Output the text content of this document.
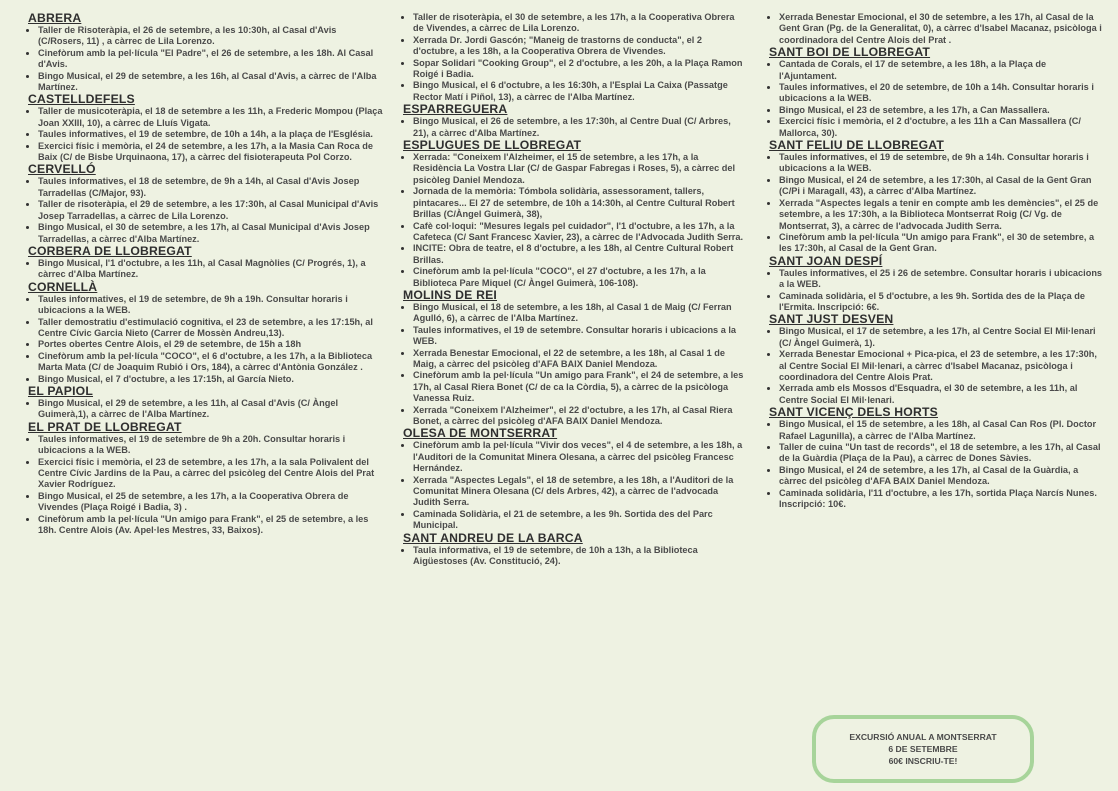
ABRERA
• Taller de Risoteràpia, el 26 de setembre, a les 10:30h, al Casal d'Avis (C/Rosers, 11) , a càrrec de Lila Lorenzo.
• Cinefòrum amb la pel·lícula "El Padre", el 26 de setembre, a les 18h. Al Casal d'Avis.
• Bingo Musical, el 29 de setembre, a les 16h, al Casal d'Avis, a càrrec de l'Alba Martínez.
CASTELLDEFELS
• Taller de musicoteràpia, el 18 de setembre a les 11h, a Frederic Mompou (Plaça Joan XXIII, 10), a càrrec de Lluís Vigata.
• Taules informatives, el 19 de setembre, de 10h a 14h, a la plaça de l'Església.
• Exercici físic i memòria, el 24 de setembre, a les 17h, a la Masia Can Roca de Baix (C/ de Bisbe Urquinaona, 17), a càrrec del fisioterapeuta Pol Corzo.
CERVELLÓ
• Taules informatives, el 18 de setembre, de 9h a 14h, al Casal d'Avis Josep Tarradellas (C/Major, 93).
• Taller de risoteràpia, el 29 de setembre, a les 17:30h, al Casal Municipal d'Avis Josep Tarradellas, a càrrec de Lila Lorenzo.
• Bingo Musical, el 30 de setembre, a les 17h, al Casal Municipal d'Avis Josep Tarradellas, a càrrec d'Alba Martínez.
CORBERA DE LLOBREGAT
• Bingo Musical, l'1 d'octubre, a les 11h, al Casal Magnòlies (C/ Progrés, 1), a càrrec d'Alba Martínez.
CORNELLÀ
• Taules informatives, el 19 de setembre, de 9h a 19h. Consultar horaris i ubicacions a la WEB.
• Taller demostratiu d'estimulació cognitiva, el 23 de setembre, a les 17:15h, al Centre Cívic Garcia Nieto (Carrer de Mossèn Andreu,13).
• Portes obertes Centre Alois, el 29 de setembre, de 15h a 18h
• Cinefòrum amb la pel·lícula "COCO", el 6 d'octubre, a les 17h, a la Biblioteca Marta Mata (C/ de Joaquim Rubió i Ors, 184), a càrrec d'Antònia González .
• Bingo Musical, el 7 d'octubre, a les 17:15h, al García Nieto.
EL PAPIOL
• Bingo Musical, el 29 de setembre, a les 11h, al Casal d'Avis (C/ Àngel Guimerà,1), a càrrec de l'Alba Martínez.
EL PRAT DE LLOBREGAT
• Taules informatives, el 19 de setembre de 9h a 20h. Consultar horaris i ubicacions a la WEB.
• Exercici físic i memòria, el 23 de setembre, a les 17h, a la sala Polivalent del Centre Cívic Jardins de la Pau, a càrrec del psicòleg del Centre Alois del Prat Xavier Rodríguez.
• Bingo Musical, el 25 de setembre, a les 17h, a la Cooperativa Obrera de Vivendes (Plaça Roigé i Badia, 3) .
• Cinefòrum amb la pel·lícula "Un amigo para Frank", el 25 de setembre, a les 18h. Centre Alois (Av. Apel·les Mestres, 33, Baixos).
• Taller de risoteràpia, el 30 de setembre, a les 17h, a la Cooperativa Obrera de Vivendes, a càrrec de Lila Lorenzo.
• Xerrada Dr. Jordi Gascón; "Maneig de trastorns de conducta", el 2 d'octubre, a les 18h, a la Cooperativa Obrera de Vivendes.
• Sopar Solidari "Cooking Group", el 2 d'octubre, a les 20h, a la Plaça Ramon Roigé i Badia.
• Bingo Musical, el 6 d'octubre, a les 16:30h, a l'Esplai La Caixa (Passatge Rector Matí i Piñol, 13), a càrrec de l'Alba Martínez.
ESPARREGUERA
• Bingo Musical, el 26 de setembre, a les 17:30h, al Centre Dual (C/ Arbres, 21), a càrrec d'Alba Martínez.
ESPLUGUES DE LLOBREGAT
• Xerrada: "Coneixem l'Alzheimer, el 15 de setembre, a les 17h, a la Residència La Vostra Llar (C/ de Gaspar Fabregas i Roses, 5), a càrrec del psicòleg Daniel Mendoza.
• Jornada de la memòria: Tómbola solidària, assessorament, tallers, pintacares... El 27 de setembre, de 10h a 14:30h, al Centre Cultural Robert Brillas (C/Àngel Guimerà, 38),
• Cafè col·loqui: "Mesures legals pel cuidador", l'1 d'octubre, a les 17h, a la Cafeteca (C/ Sant Francesc Xavier, 23), a càrrec de l'Advocada Judith Serra.
• INCITE: Obra de teatre, el 8 d'octubre, a les 18h, al Centre Cultural Robert Brillas.
• Cinefòrum amb la pel·lícula "COCO", el 27 d'octubre, a les 17h, a la Biblioteca Pare Miquel (C/ Àngel Guimerà, 106-108).
MOLINS DE REI
• Bingo Musical, el 18 de setembre, a les 18h, al Casal 1 de Maig (C/ Ferran Agulló, 6), a càrrec de l'Alba Martínez.
• Taules informatives, el 19 de setembre. Consultar horaris i ubicacions a la WEB.
• Xerrada Benestar Emocional, el 22 de setembre, a les 18h, al Casal 1 de Maig, a càrrec del psicòleg d'AFA BAIX Daniel Mendoza.
• Cinefòrum amb la pel·lícula "Un amigo para Frank", el 24 de setembre, a les 17h, al Casal Riera Bonet (C/ de ca la Còrdia, 5), a càrrec de la psicòloga Vanessa Ruiz.
• Xerrada "Coneixem l'Alzheimer", el 22 d'octubre, a les 17h, al Casal Riera Bonet, a càrrec del psicòleg d'AFA BAIX Daniel Mendoza.
OLESA DE MONTSERRAT
• Cinefòrum amb la pel·lícula "Vivir dos veces", el 4 de setembre, a les 18h, a l'Auditori de la Comunitat Minera Olesana, a càrrec del psicòleg Francesc Hernández.
• Xerrada "Aspectes Legals", el 18 de setembre, a les 18h, a l'Auditori de la Comunitat Minera Olesana (C/ dels Arbres, 42), a càrrec de l'advocada Judith Serra.
• Caminada Solidària, el 21 de setembre, a les 9h. Sortida des del Parc Municipal.
SANT ANDREU DE LA BARCA
• Taula informativa, el 19 de setembre, de 10h a 13h, a la Biblioteca Aigüestoses (Av. Constitució, 24).
• Xerrada Benestar Emocional, el 30 de setembre, a les 17h, al Casal de la Gent Gran (Pg. de la Generalitat, 0), a càrrec d'Isabel Macanaz, psicòloga i coordinadora del Centre Alois del Prat .
SANT BOI DE LLOBREGAT
• Cantada de Corals, el 17 de setembre, a les 18h, a la Plaça de l'Ajuntament.
• Taules informatives, el 20 de setembre, de 10h a 14h. Consultar horaris i ubicacions a la WEB.
• Bingo Musical, el 23 de setembre, a les 17h, a Can Massallera.
• Exercici físic i memòria, el 2 d'octubre, a les 11h a Can Massallera (C/ Mallorca, 30).
SANT FELIU DE LLOBREGAT
• Taules informatives, el 19 de setembre, de 9h a 14h. Consultar horaris i ubicacions a la WEB.
• Bingo Musical, el 24 de setembre, a les 17:30h, al Casal de la Gent Gran (C/Pi i Maragall, 43), a càrrec d'Alba Martínez.
• Xerrada "Aspectes legals a tenir en compte amb les demències", el 25 de setembre, a les 17:30h, a la Biblioteca Montserrat Roig (C/ Vg. de Montserrat, 3), a càrrec de l'advocada Judith Serra.
• Cinefòrum amb la pel·lícula "Un amigo para Frank", el 30 de setembre, a les 17:30h, al Casal de la Gent Gran.
SANT JOAN DESPÍ
• Taules informatives, el 25 i 26 de setembre. Consultar horaris i ubicacions a la WEB.
• Caminada solidària, el 5 d'octubre, a les 9h. Sortida des de la Plaça de l'Ermita. Inscripció: 6€.
SANT JUST DESVEN
• Bingo Musical, el 17 de setembre, a les 17h, al Centre Social El Mil·lenari (C/ Àngel Guimerà, 1).
• Xerrada Benestar Emocional + Pica-pica, el 23 de setembre, a les 17:30h, al Centre Social El Mil·lenari, a càrrec d'Isabel Macanaz, psicòloga i coordinadora del Centre Alois Prat.
• Xerrada amb els Mossos d'Esquadra, el 30 de setembre, a les 11h, al Centre Social El Mil·lenari.
SANT VICENÇ DELS HORTS
• Bingo Musical, el 15 de setembre, a les 18h, al Casal Can Ros (Pl. Doctor Rafael Lagunilla), a càrrec de l'Alba Martínez.
• Taller de cuina "Un tast de records", el 18 de setembre, a les 17h, al Casal de la Guàrdia (Plaça de la Pau), a càrrec de Dones Sàvies.
• Bingo Musical, el 24 de setembre, a les 17h, al Casal de la Guàrdia, a càrrec del psicòleg d'AFA BAIX Daniel Mendoza.
• Caminada solidària, l'11 d'octubre, a les 17h, sortida Plaça Narcís Nunes. Inscripció: 10€.
EXCURSIÓ ANUAL A MONTSERRAT
6 DE SETEMBRE
60€ INSCRIU-TE!
